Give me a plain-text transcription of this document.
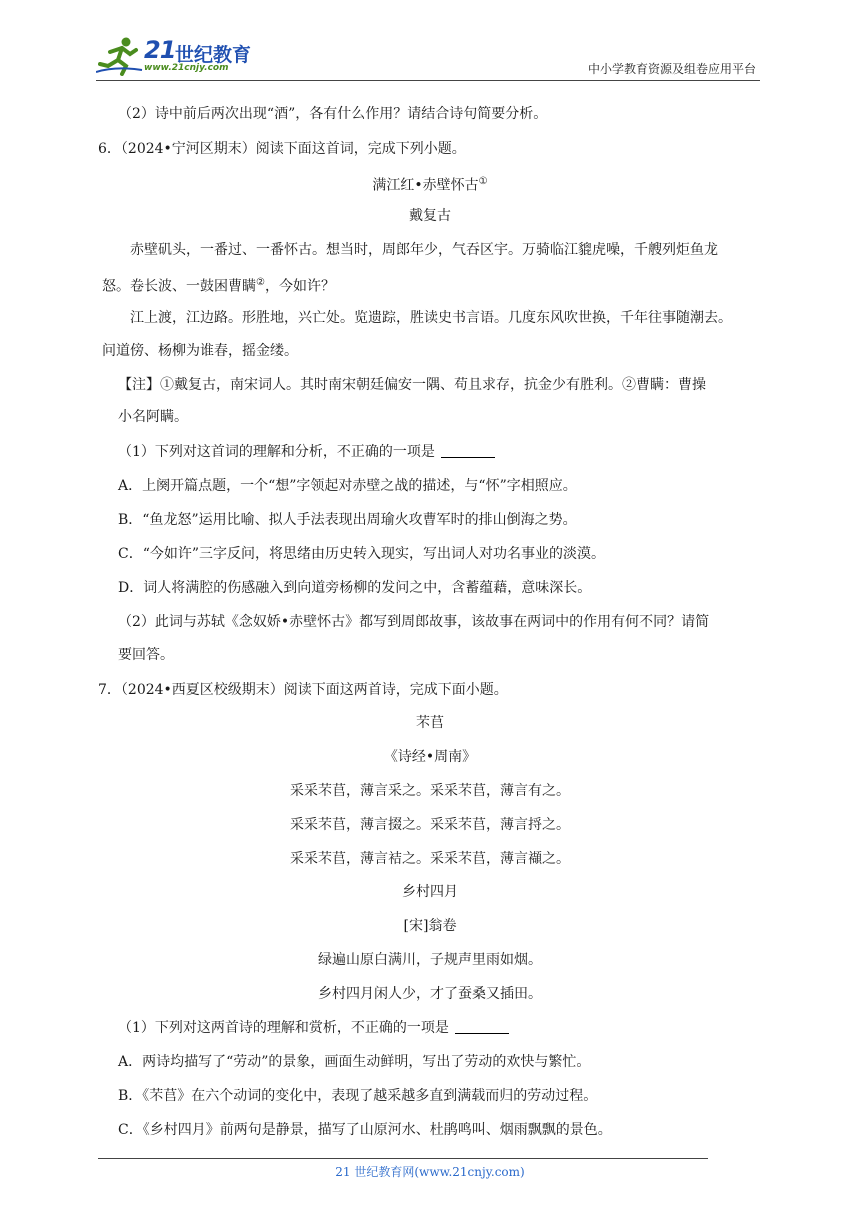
21 世纪教育
www.21cnjy.com	中小学教育资源及组卷应用平台
（2）诗中前后两次出现“酒”，各有什么作用？请结合诗句简要分析。
6．（2024•宁河区期末）阅读下面这首词，完成下列小题。
满江红•赤壁怀古①
戴复古
赤壁矶头，一番过、一番怀古。想当时，周郎年少，气吞区宇。万骑临江貔虎噪，千艘列炬鱼龙
怒。卷长波、一鼓困曹瞒②，今如许？
江上渡，江边路。形胜地，兴亡处。览遗踪，胜读史书言语。几度东风吹世换，千年往事随潮去。
问道傍、杨柳为谁春，摇金缕。
【注】①戴复古，南宋词人。其时南宋朝廷偏安一隅、苟且求存，抗金少有胜利。②曹瞒：曹操
小名阿瞒。
（1）下列对这首词的理解和分析，不正确的一项是
A．上阕开篇点题，一个“想”字领起对赤壁之战的描述，与“怀”字相照应。
B．“鱼龙怒”运用比喻、拟人手法表现出周瑜火攻曹军时的排山倒海之势。
C．“今如许”三字反问，将思绪由历史转入现实，写出词人对功名事业的淡漠。
D．词人将满腔的伤感融入到向道旁杨柳的发问之中，含蓄蕴藉，意味深长。
（2）此词与苏轼《念奴娇•赤壁怀古》都写到周郎故事，该故事在两词中的作用有何不同？请简
要回答。
7．（2024•西夏区校级期末）阅读下面这两首诗，完成下面小题。
芣苢
《诗经•周南》
采采芣苢，薄言采之。采采芣苢，薄言有之。
采采芣苢，薄言掇之。采采芣苢，薄言捋之。
采采芣苢，薄言袺之。采采芣苢，薄言襭之。
乡村四月
[宋]翁卷
绿遍山原白满川，子规声里雨如烟。
乡村四月闲人少，才了蚕桑又插田。
（1）下列对这两首诗的理解和赏析，不正确的一项是
A．两诗均描写了“劳动”的景象，画面生动鲜明，写出了劳动的欢快与繁忙。
B．《芣苢》在六个动词的变化中，表现了越采越多直到满载而归的劳动过程。
C．《乡村四月》前两句是静景，描写了山原河水、杜鹃鸣叫、烟雨飘飘的景色。
21 世纪教育网(www.21cnjy.com)
